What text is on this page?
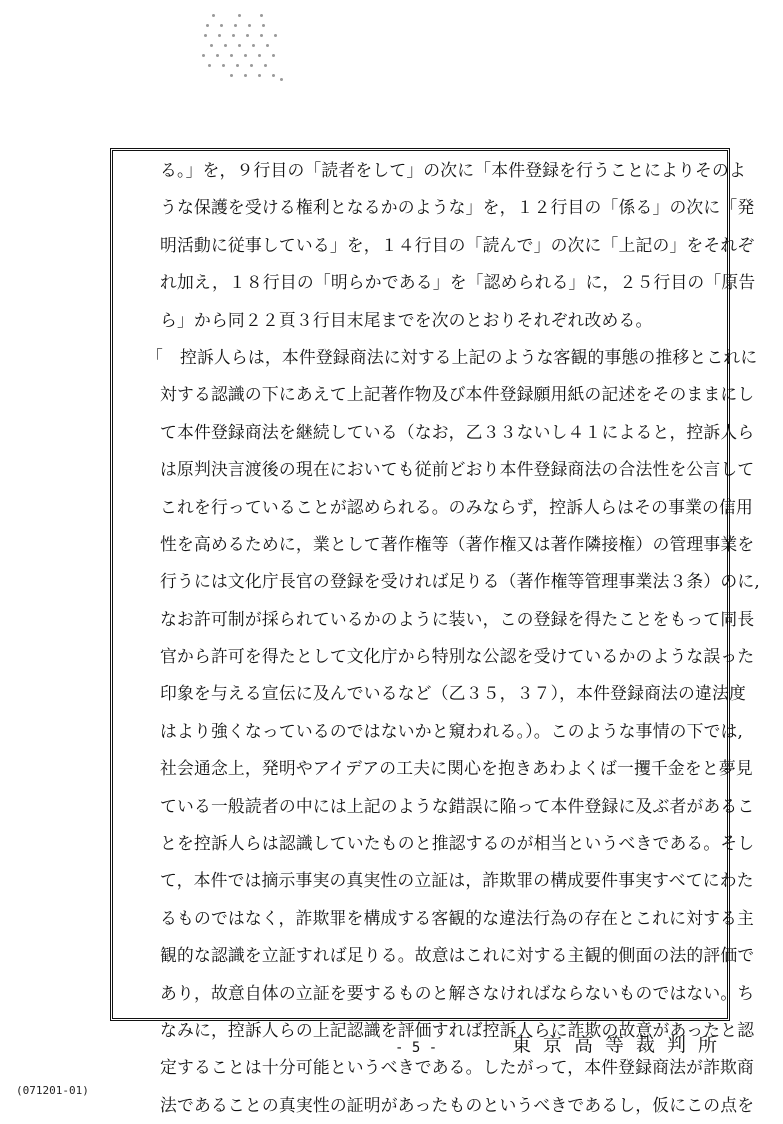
る。」を，９行目の「読者をして」の次に「本件登録を行うことによりそのよ
うな保護を受ける権利となるかのような」を，１２行目の「係る」の次に「発
明活動に従事している」を，１４行目の「読んで」の次に「上記の」をそれぞ
れ加え，１８行目の「明らかである」を「認められる」に，２５行目の「原告
ら」から同２２頁３行目末尾までを次のとおりそれぞれ改める。
「　控訴人らは，本件登録商法に対する上記のような客観的事態の推移とこれに
対する認識の下にあえて上記著作物及び本件登録願用紙の記述をそのままにし
て本件登録商法を継続している（なお，乙３３ないし４１によると，控訴人ら
は原判決言渡後の現在においても従前どおり本件登録商法の合法性を公言して
これを行っていることが認められる。のみならず，控訴人らはその事業の信用
性を高めるために，業として著作権等（著作権又は著作隣接権）の管理事業を
行うには文化庁長官の登録を受ければ足りる（著作権等管理事業法３条）のに,
なお許可制が採られているかのように装い，この登録を得たことをもって同長
官から許可を得たとして文化庁から特別な公認を受けているかのような誤った
印象を与える宣伝に及んでいるなど（乙３５，３７），本件登録商法の違法度
はより強くなっているのではないかと窺われる。）。このような事情の下では,
社会通念上，発明やアイデアの工夫に関心を抱きあわよくば一攫千金をと夢見
ている一般読者の中には上記のような錯誤に陥って本件登録に及ぶ者があるこ
とを控訴人らは認識していたものと推認するのが相当というべきである。そし
て，本件では摘示事実の真実性の立証は，詐欺罪の構成要件事実すべてにわた
るものではなく，詐欺罪を構成する客観的な違法行為の存在とこれに対する主
観的な認識を立証すれば足りる。故意はこれに対する主観的側面の法的評価で
あり，故意自体の立証を要するものと解さなければならないものではない。ち
なみに，控訴人らの上記認識を評価すれば控訴人らに詐欺の故意があったと認
定することは十分可能というべきである。したがって，本件登録商法が詐欺商
法であることの真実性の証明があったものというべきであるし，仮にこの点を
- 5 -	東京高等裁判所
(071201-01)
